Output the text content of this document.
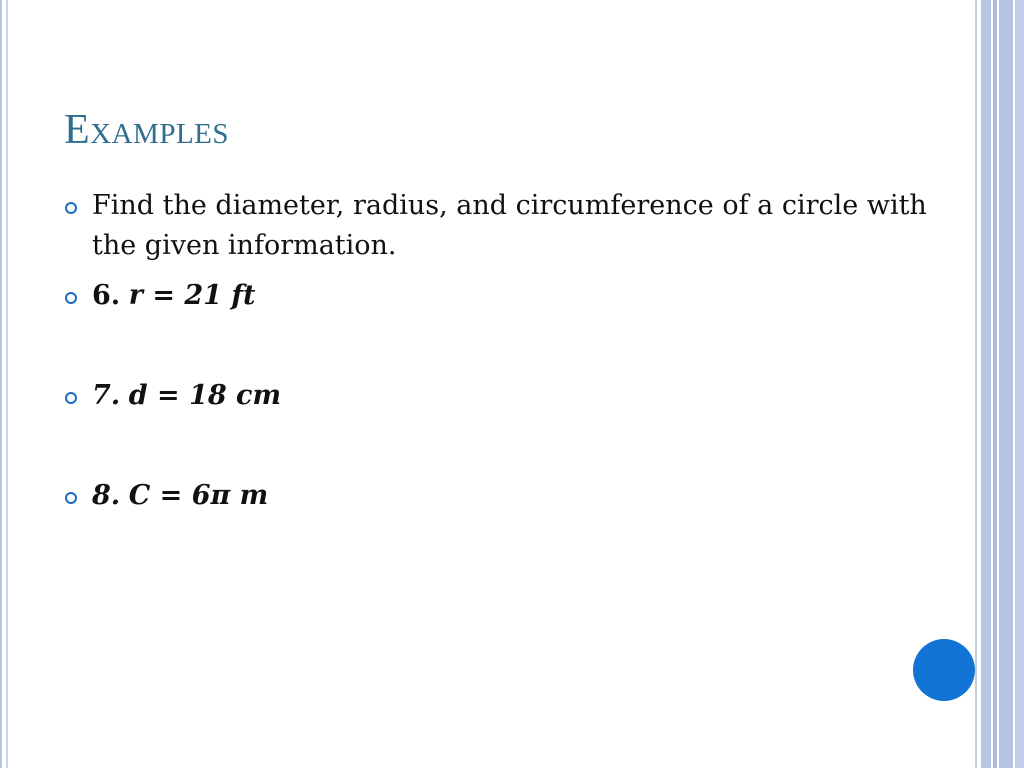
Examples
Find the diameter, radius, and circumference of a circle with the given information.
6. r = 21 ft
7. d = 18 cm
8. C = 6π m
